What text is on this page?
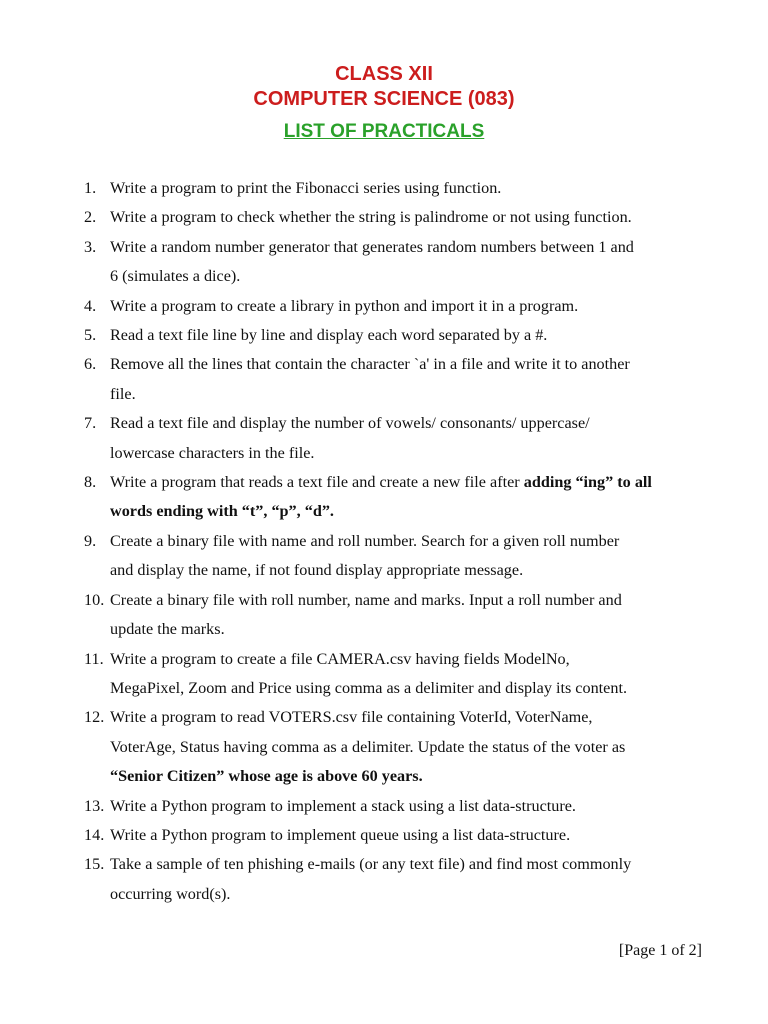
CLASS XII
COMPUTER SCIENCE (083)
LIST OF PRACTICALS
1. Write a program to print the Fibonacci series using function.
2. Write a program to check whether the string is palindrome or not using function.
3. Write a random number generator that generates random numbers between 1 and
6 (simulates a dice).
4. Write a program to create a library in python and import it in a program.
5. Read a text file line by line and display each word separated by a #.
6. Remove all the lines that contain the character `a' in a file and write it to another
file.
7. Read a text file and display the number of vowels/ consonants/ uppercase/
lowercase characters in the file.
8. Write a program that reads a text file and create a new file after adding “ing” to all
words ending with “t”, “p”, “d”.
9. Create a binary file with name and roll number. Search for a given roll number
and display the name, if not found display appropriate message.
10. Create a binary file with roll number, name and marks. Input a roll number and
update the marks.
11. Write a program to create a file CAMERA.csv having fields ModelNo,
MegaPixel, Zoom and Price using comma as a delimiter and display its content.
12. Write a program to read VOTERS.csv file containing VoterId, VoterName,
VoterAge, Status having comma as a delimiter. Update the status of the voter as
“Senior Citizen” whose age is above 60 years.
13. Write a Python program to implement a stack using a list data-structure.
14. Write a Python program to implement queue using a list data-structure.
15. Take a sample of ten phishing e-mails (or any text file) and find most commonly
occurring word(s).
[Page 1 of 2]
